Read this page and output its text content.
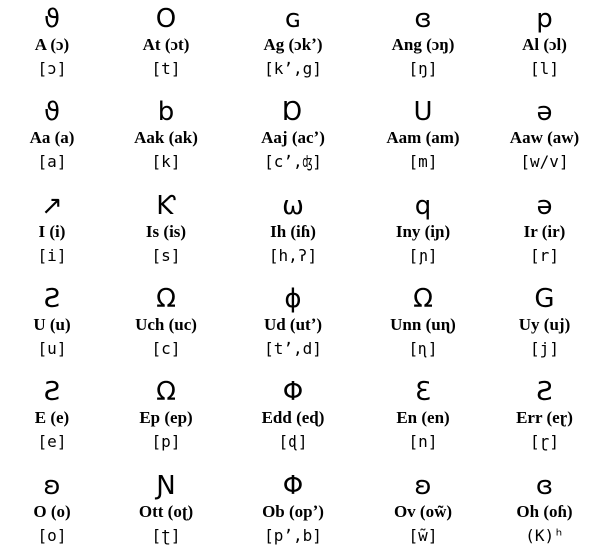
ϑ
A (ɔ)
[ɔ]
O
At (ɔt)
[t]
ɢ
Ag (ɔkʼ)
[kʼ,g]
ɞ
Ang (ɔŋ)
[ŋ]
p
Al (ɔl)
[l]
ϑ
Aa (a)
[a]
b
Aak (ak)
[k]
Ɒ
Aaj (acʼ)
[cʼ,ʤ]
U
Aam (am)
[m]
ə
Aaw (aw)
[w/v]
↗
I (i)
[i]
Ƙ
Is (is)
[s]
ω
Ih (iɦ)
[h,ʔ]
q
Iny (iɲ)
[ɲ]
ə
Ir (ir)
[r]
Ƨ
U (u)
[u]
Ω
Uch (uc)
[c]
ϕ
Ud (utʼ)
[tʼ,d]
Ω
Unn (uɳ)
[ɳ]
G
Uy (uj)
[j]
Ƨ
E (e)
[e]
Ω
Ep (ep)
[p]
Φ
Edd (eɖ)
[ɖ]
Ɛ
En (en)
[n]
Ƨ
Err (eɽ)
[ɽ]
ʚ
O (o)
[o]
Ɲ
Ott (oʈ)
[ʈ]
Φ
Ob (opʼ)
[pʼ,b]
ʚ
Ov (ow̃)
[w̃]
ɞ
Oh (oɦ)
(K)ʰ
